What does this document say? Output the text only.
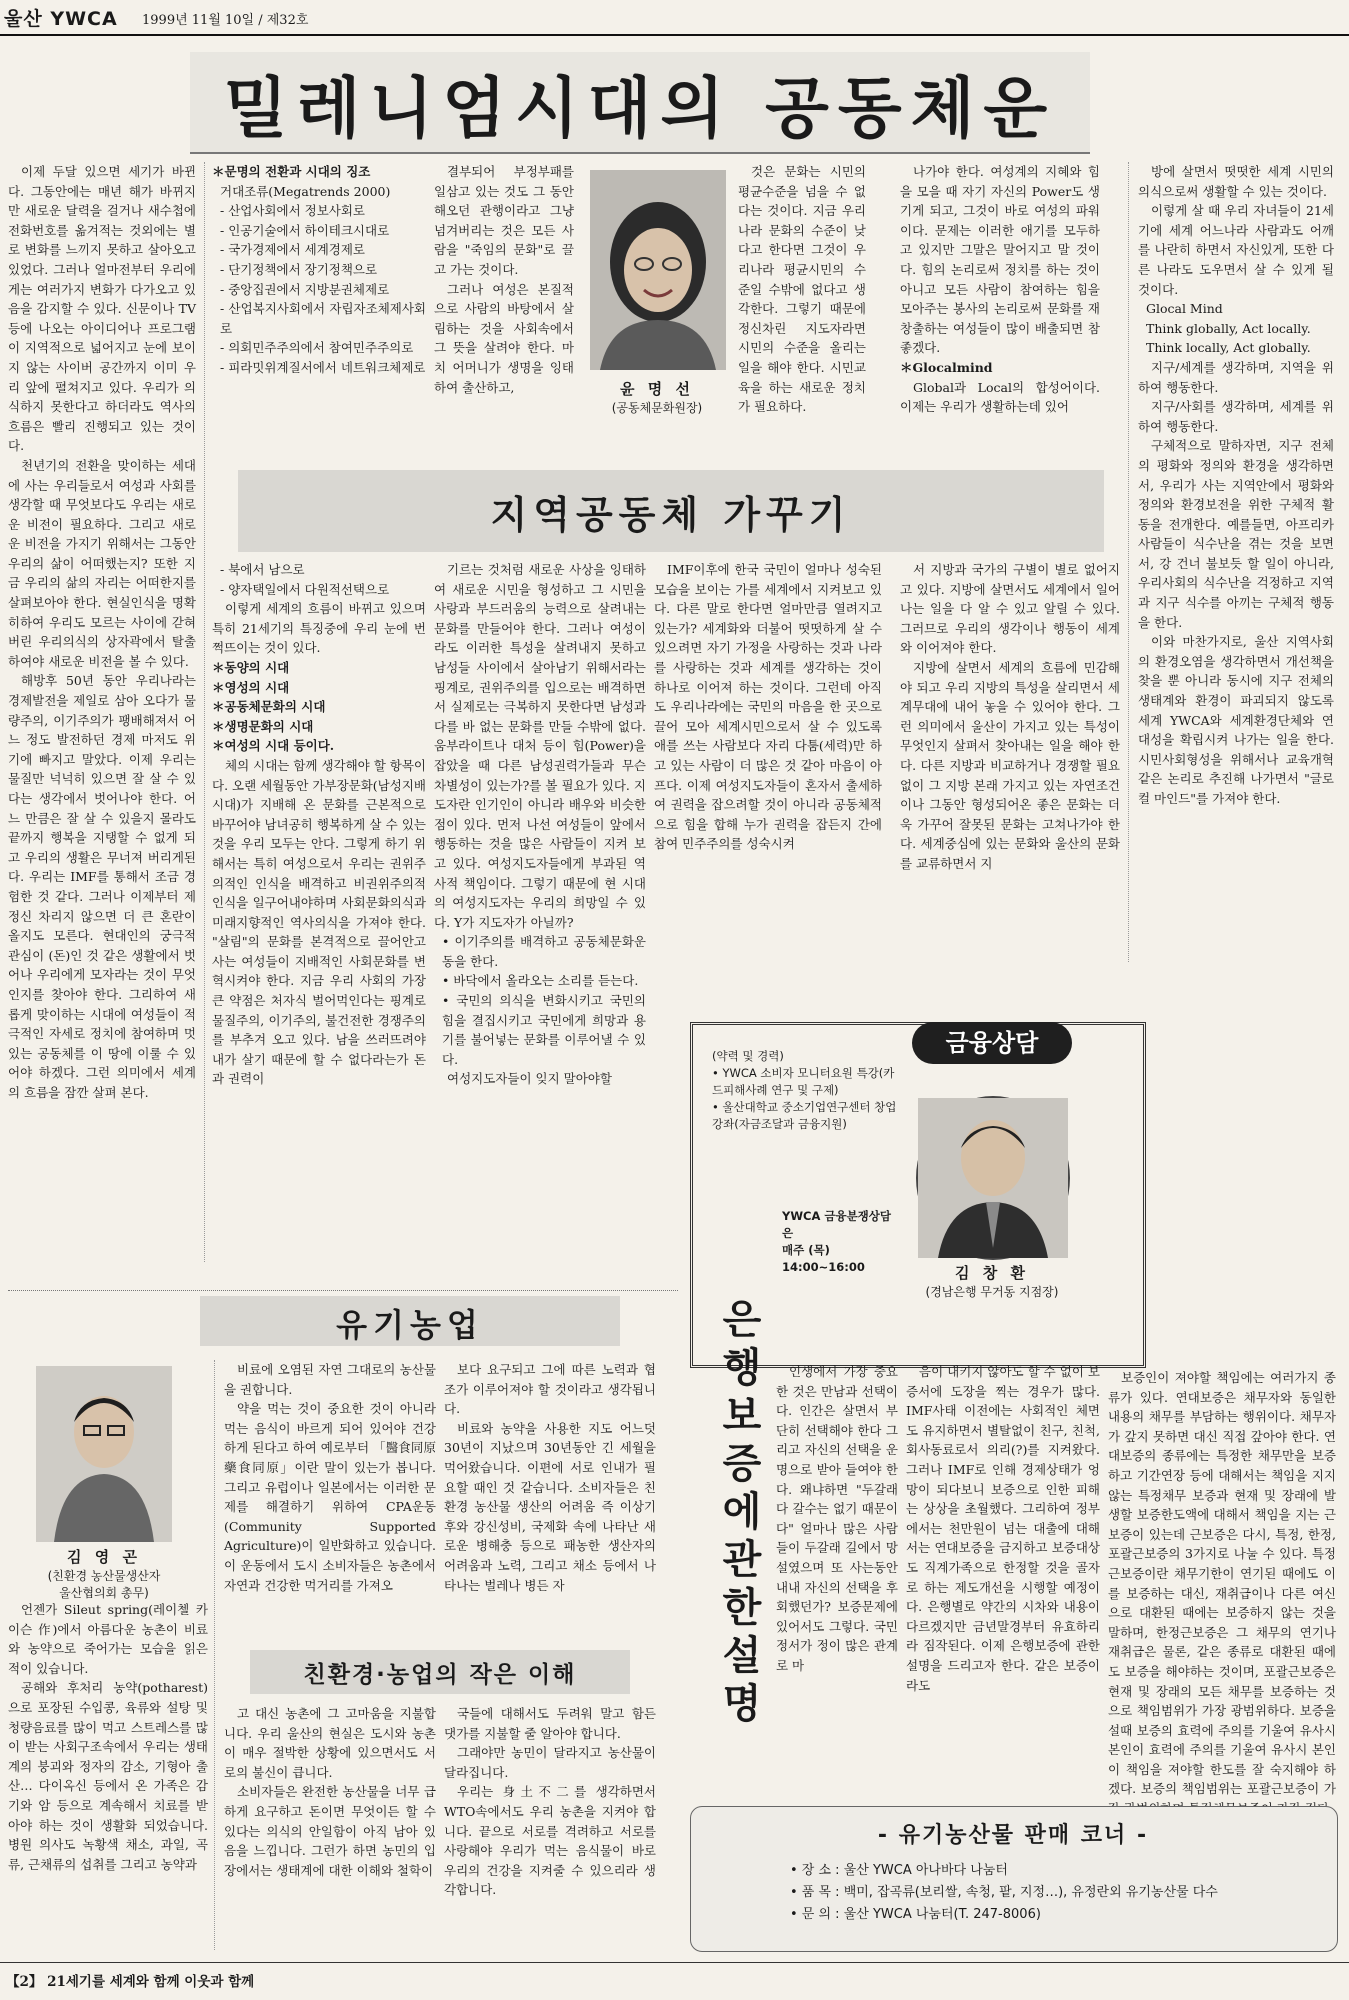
울산 YWCA 1999년 11월 10일 / 제32호
밀레니엄시대의 공동체운

이제 두달 있으면 세기가 바뀐다. 그동안에는 매년 해가 바뀌지만 새로운 달력을 걸거나 새수첩에 전화번호를 옮겨적는 것외에는 별로 변화를 느끼지 못하고 살아오고 있었다. 그러나 얼마전부터 우리에게는 여러가지 변화가 다가오고 있음을 감지할 수 있다. 신문이나 TV 등에 나오는 아이디어나 프로그램이 지역적으로 넓어지고 눈에 보이지 않는 사이버 공간까지 이미 우리 앞에 펼쳐지고 있다. 우리가 의식하지 못한다고 하더라도 역사의 흐름은 빨리 진행되고 있는 것이다.

천년기의 전환을 맞이하는 세대에 사는 우리들로서 여성과 사회를 생각할 때 무엇보다도 우리는 새로운 비전이 필요하다. 그리고 새로운 비전을 가지기 위해서는 그동안 우리의 삶이 어떠했는지? 또한 지금 우리의 삶의 자리는 어떠한지를 살펴보아야 한다. 현실인식을 명확히하여 우리도 모르는 사이에 갇혀 버린 우리의식의 상자곽에서 탈출하여야 새로운 비전을 볼 수 있다.

해방후 50년 동안 우리나라는 경제발전을 제일로 삼아 오다가 물량주의, 이기주의가 팽배해져서 어느 정도 발전하던 경제 마저도 위기에 빠지고 말았다. 이제 우리는 물질만 넉넉히 있으면 잘 살 수 있다는 생각에서 벗어나야 한다. 어느 만큼은 잘 살 수 있을지 몰라도 끝까지 행복을 지탱할 수 없게 되고 우리의 생활은 무너져 버리게된다. 우리는 IMF를 통해서 조금 경험한 것 같다. 그러나 이제부터 제 정신 차리지 않으면 더 큰 혼란이 올지도 모른다. 현대인의 궁극적 관심이 (돈)인 것 같은 생활에서 벗어나 우리에게 모자라는 것이 무엇인지를 찾아야 한다. 그리하여 새롭게 맞이하는 시대에 여성들이 적극적인 자세로 정치에 참여하며 멋있는 공동체를 이 땅에 이룰 수 있어야 하겠다. 그런 의미에서 세계의 흐름을 잠깐 살펴 본다.

＊문명의 전환과 시대의 징조

거대조류(Megatrends 2000)

- 산업사회에서 정보사회로

- 인공기술에서 하이테크시대로

- 국가경제에서 세계경제로

- 단기정책에서 장기정책으로

- 중앙집권에서 지방분권체제로

- 산업복지사회에서 자립자조체제사회로

- 의회민주주의에서 참여민주주의로

- 피라밋위계질서에서 네트워크체제로

결부되어 부정부패를 일삼고 있는 것도 그 동안 해오던 관행이라고 그냥 넘겨버리는 것은 모든 사람을 "죽임의 문화"로 끌고 가는 것이다.

그러나 여성은 본질적으로 사람의 바탕에서 살림하는 것을 사회속에서 그 뜻을 살려야 한다. 마치 어머니가 생명을 잉태하여 출산하고,	윤 명 선
(공동체문화원장)

것은 문화는 시민의 평균수준을 넘을 수 없다는 것이다. 지금 우리나라 문화의 수준이 낮다고 한다면 그것이 우리나라 평균시민의 수준일 수밖에 없다고 생각한다. 그렇기 때문에 정신차린 지도자라면 시민의 수준을 올리는 일을 해야 한다. 시민교육을 하는 새로운 정치가 필요하다.

나가야 한다. 여성계의 지혜와 힘을 모을 때 자기 자신의 Power도 생기게 되고, 그것이 바로 여성의 파워이다. 문제는 이러한 애기를 모두하고 있지만 그말은 말어지고 말 것이다. 힘의 논리로써 정치를 하는 것이 아니고 모든 사람이 참여하는 힘을 모아주는 봉사의 논리로써 문화를 재창출하는 여성들이 많이 배출되면 참 좋겠다.

＊Glocalmind

Global과 Local의 합성어이다. 이제는 우리가 생활하는데 있어

방에 살면서 떳떳한 세계 시민의 의식으로써 생활할 수 있는 것이다.

이렇게 살 때 우리 자녀들이 21세기에 세계 어느나라 사람과도 어깨를 나란히 하면서 자신있게, 또한 다른 나라도 도우면서 살 수 있게 될 것이다.

Glocal Mind

Think globally, Act locally.

Think locally, Act globally.

지구/세계를 생각하며, 지역을 위하여 행동한다.

지구/사회를 생각하며, 세계를 위하여 행동한다.

구체적으로 말하자면, 지구 전체의 평화와 정의와 환경을 생각하면서, 우리가 사는 지역안에서 평화와 정의와 환경보전을 위한 구체적 활동을 전개한다. 예를들면, 아프리카 사람들이 식수난을 겪는 것을 보면서, 강 건너 불보듯 할 일이 아니라, 우리사회의 식수난을 걱정하고 지역과 지구 식수를 아끼는 구체적 행동을 한다.

이와 마찬가지로, 울산 지역사회의 환경오염을 생각하면서 개선책을 찾을 뿐 아니라 동시에 지구 전체의 생태계와 환경이 파괴되지 않도록 세계 YWCA와 세계환경단체와 연대성을 확립시켜 나가는 일을 한다. 시민사회형성을 위해서나 교육개혁 같은 논리로 추진해 나가면서 "글로컬 마인드"를 가져야 한다.

지역공동체 가꾸기

- 북에서 남으로

- 양자택일에서 다원적선택으로

이렇게 세계의 흐름이 바뀌고 있으며 특히 21세기의 특징중에 우리 눈에 번쩍뜨이는 것이 있다.

＊동양의 시대

＊영성의 시대

＊공동체문화의 시대

＊생명문화의 시대

＊여성의 시대 등이다.

체의 시대는 함께 생각해야 할 항목이다. 오랜 세월동안 가부장문화(남성지배시대)가 지배해 온 문화를 근본적으로 바꾸어야 남녀공히 행복하게 살 수 있는 것을 우리 모두는 안다. 그렇게 하기 위해서는 특히 여성으로서 우리는 권위주의적인 인식을 배격하고 비권위주의적 인식을 일구어내야하며 사회문화의식과 미래지향적인 역사의식을 가져야 한다. "살림"의 문화를 본격적으로 끌어안고 사는 여성들이 지배적인 사회문화를 변혁시켜야 한다. 지금 우리 사회의 가장 큰 약점은 처자식 벌어먹인다는 핑계로 물질주의, 이기주의, 불건전한 경쟁주의를 부추겨 오고 있다. 남을 쓰러뜨려야 내가 살기 때문에 할 수 없다라는가 돈과 권력이

기르는 것처럼 새로운 사상을 잉태하여 새로운 시민을 형성하고 그 시민을 사랑과 부드러움의 능력으로 살려내는 문화를 만들어야 한다. 그러나 여성이라도 이러한 특성을 살려내지 못하고 남성들 사이에서 살아남기 위해서라는 핑계로, 권위주의를 입으로는 배격하면서 실제로는 극복하지 못한다면 남성과 다를 바 없는 문화를 만들 수밖에 없다. 움부라이트나 대처 등이 힘(Power)을 잡았을 때 다른 남성권력가들과 무슨 차별성이 있는가?를 볼 필요가 있다. 지도자란 인기인이 아니라 배우와 비슷한 점이 있다. 먼저 나선 여성들이 앞에서 행동하는 것을 많은 사람들이 지켜 보고 있다. 여성지도자들에게 부과된 역사적 책임이다. 그렇기 때문에 현 시대의 여성지도자는 우리의 희망일 수 있다. Y가 지도자가 아닐까?

• 이기주의를 배격하고 공동체문화운동을 한다.

• 바닥에서 올라오는 소리를 듣는다.

• 국민의 의식을 변화시키고 국민의 힘을 결집시키고 국민에게 희망과 용기를 불어넣는 문화를 이루어낼 수 있다.

여성지도자들이 잊지 말아야할

IMF이후에 한국 국민이 얼마나 성숙된 모습을 보이는 가를 세계에서 지켜보고 있다. 다른 말로 한다면 얼마만큼 열려지고 있는가? 세계화와 더불어 떳떳하게 살 수 있으려면 자기 가정을 사랑하는 것과 나라를 사랑하는 것과 세계를 생각하는 것이 하나로 이어져 하는 것이다. 그런데 아직도 우리나라에는 국민의 마음을 한 곳으로 끌어 모아 세계시민으로서 살 수 있도록 애를 쓰는 사람보다 자리 다툼(세력)만 하고 있는 사람이 더 많은 것 같아 마음이 아프다. 이제 여성지도자들이 혼자서 출세하여 권력을 잡으려할 것이 아니라 공동체적으로 힘을 합해 누가 권력을 잡든지 간에 참여 민주주의를 성숙시켜

서 지방과 국가의 구별이 별로 없어지고 있다. 지방에 살면서도 세계에서 일어나는 일을 다 알 수 있고 알릴 수 있다. 그러므로 우리의 생각이나 행동이 세계와 이어져야 한다.

지방에 살면서 세계의 흐름에 민감해야 되고 우리 지방의 특성을 살리면서 세계무대에 내어 놓을 수 있어야 한다. 그런 의미에서 울산이 가지고 있는 특성이 무엇인지 살펴서 찾아내는 일을 해야 한다. 다른 지방과 비교하거나 경쟁할 필요없이 그 지방 본래 가지고 있는 자연조건이나 그동안 형성되어온 좋은 문화는 더욱 가꾸어 잘못된 문화는 고쳐나가야 한다. 세계중심에 있는 문화와 울산의 문화를 교류하면서 지

금융상담
(약력 및 경력)
• YWCA 소비자 모니터요원 특강(카드피해사례 연구 및 구제)
• 울산대학교 중소기업연구센터 창업강좌(자금조달과 금융지원)
YWCA 금융분쟁상담은
매주 (목)
14:00~16:00	김 창 환
(경남은행 무거동 지점장)
은행보증에관한설명

인생에서 가장 중요한 것은 만남과 선택이다. 인간은 살면서 부단히 선택해야 한다 그리고 자신의 선택을 운명으로 받아 들여야 한다. 왜냐하면 "두갈래 다 갈수는 없기 때문이다" 얼마나 많은 사람들이 두갈래 길에서 망설였으며 또 사는동안 내내 자신의 선택을 후회했던가? 보증문제에 있어서도 그렇다. 국민정서가 정이 많은 관계로 마

음이 내키지 않아도 할 수 없이 보증서에 도장을 찍는 경우가 많다. IMF사태 이전에는 사회적인 체면도 유지하면서 별탈없이 친구, 친척, 회사동료로서 의리(?)를 지켜왔다. 그러나 IMF로 인해 경제상태가 엉망이 되다보니 보증으로 인한 피해는 상상을 초월했다. 그리하여 정부에서는 천만원이 넘는 대출에 대해서는 연대보증을 금지하고 보증대상도 직계가족으로 한정할 것을 골자로 하는 제도개선을 시행할 예정이다. 은행별로 약간의 시차와 내용이 다르겠지만 금년말경부터 유효하리라 짐작된다. 이제 은행보증에 관한 설명을 드리고자 한다. 같은 보증이라도

보증인이 져야할 책임에는 여러가지 종류가 있다. 연대보증은 채무자와 동일한 내용의 채무를 부담하는 행위이다. 채무자가 갚지 못하면 대신 직접 갚아야 한다. 연대보증의 종류에는 특정한 채무만을 보증하고 기간연장 등에 대해서는 책임을 지지않는 특정채무 보증과 현재 및 장래에 발생할 보증한도액에 대해서 책임을 지는 근보증이 있는데 근보증은 다시, 특정, 한정, 포괄근보증의 3가지로 나눌 수 있다. 특정근보증이란 채무기한이 연기된 때에도 이를 보증하는 대신, 재취급이나 다른 여신으로 대환된 때에는 보증하지 않는 것을 말하며, 한정근보증은 그 채무의 연기나 재취급은 물론, 같은 종류로 대환된 때에도 보증을 해야하는 것이며, 포괄근보증은 현재 및 장래의 모든 채무를 보증하는 것으로 책임범위가 가장 광범위하다. 보증을 설때 보증의 효력에 주의를 기울여 유사시 본인이 효력에 주의를 기울여 유사시 본인이 책임을 져야할 한도를 잘 숙지해야 하겠다. 보증의 책임범위는 포괄근보증이 가

유기농업
김 영 곤
(친환경 농산물생산자
울산협의회 총무)

언젠가 Sileut spring(레이첼 카이슨 作)에서 아름다운 농촌이 비료와 농약으로 죽어가는 모습을 읽은 적이 있습니다.

공해와 후처리 농약(potharest)으로 포장된 수입콩, 육류와 설탕 및 청량음료를 많이 먹고 스트레스를 많이 받는 사회구조속에서 우리는 생태계의 붕괴와 정자의 감소, 기형아 출산… 다이옥신 등에서 온 가족은 감기와 암 등으로 계속해서 치료를 받아야 하는 것이 생활화 되었습니다. 병원 의사도 녹황색 채소, 과일, 곡류, 근채류의 섭취를 그리고 농약과

비료에 오염된 자연 그대로의 농산물을 권합니다.

약을 먹는 것이 중요한 것이 아니라 먹는 음식이 바르게 되어 있어야 건강하게 된다고 하여 예로부터 「醫食同原 藥食同原」이란 말이 있는가 봅니다. 그리고 유럽이나 일본에서는 이러한 문제를 해결하기 위하여 CPA운동(Community Supported Agriculture)이 일반화하고 있습니다. 이 운동에서 도시 소비자들은 농촌에서 자연과 건강한 먹거리를 가져오

보다 요구되고 그에 따른 노력과 협조가 이루어져야 할 것이라고 생각됩니다.

비료와 농약을 사용한 지도 어느덧 30년이 지났으며 30년동안 긴 세월을 먹어왔습니다. 이편에 서로 인내가 필요할 때인 것 같습니다. 소비자들은 친환경 농산물 생산의 어려움 즉 이상기후와 강신성비, 국제화 속에 나타난 새로운 병해충 등으로 패농한 생산자의 어려움과 노력, 그리고 채소 등에서 나타나는 벌레나 병든 자

친환경·농업의 작은 이해

고 대신 농촌에 그 고마움을 지불합니다. 우리 울산의 현실은 도시와 농촌이 매우 절박한 상황에 있으면서도 서로의 불신이 큽니다.

소비자들은 완전한 농산물을 너무 급하게 요구하고 돈이면 무엇이든 할 수 있다는 의식의 안일함이 아직 남아 있음을 느낍니다. 그런가 하면 농민의 입장에서는 생태계에 대한 이해와 철학이

국들에 대해서도 두려워 말고 함든 댓가를 지불할 줄 알아야 합니다.

그래야만 농민이 달라지고 농산물이 달라집니다.

우리는 身土不二를 생각하면서 WTO속에서도 우리 농촌을 지켜야 합니다. 끝으로 서로를 격려하고 서로를 사랑해야 우리가 먹는 음식물이 바로 우리의 건강을 지켜줄 수 있으리라 생각합니다.

- 유기농산물 판매 코너 -
• 장 소 : 울산 YWCA 아나바다 나눔터
• 품 목 : 백미, 잡곡류(보리쌀, 속청, 팥, 지정…), 유정란외 유기농산물 다수
• 문 의 : 울산 YWCA 나눔터(T. 247-8006)
【2】 21세기를 세계와 함께 이웃과 함께
